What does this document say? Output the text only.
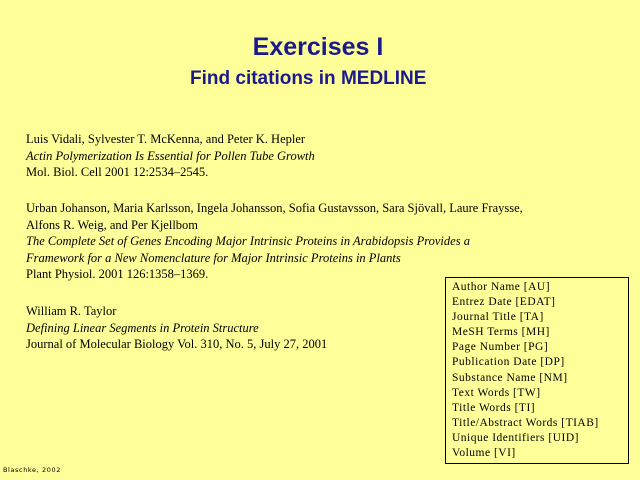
Exercises I
Find citations in MEDLINE
Luis Vidali, Sylvester T. McKenna, and Peter K. Hepler
Actin Polymerization Is Essential for Pollen Tube Growth
Mol. Biol. Cell 2001 12:2534–2545.
Urban Johanson, Maria Karlsson, Ingela Johansson, Sofia Gustavsson, Sara Sjövall, Laure Fraysse,
Alfons R. Weig, and Per Kjellbom
The Complete Set of Genes Encoding Major Intrinsic Proteins in Arabidopsis Provides a
Framework for a New Nomenclature for Major Intrinsic Proteins in Plants
Plant Physiol. 2001 126:1358–1369.
William R. Taylor
Defining Linear Segments in Protein Structure
Journal of Molecular Biology Vol. 310, No. 5, July 27, 2001
Author Name [AU]
Entrez Date [EDAT]
Journal Title [TA]
MeSH Terms [MH]
Page Number [PG]
Publication Date [DP]
Substance Name [NM]
Text Words [TW]
Title Words [TI]
Title/Abstract Words [TIAB]
Unique Identifiers [UID]
Volume [VI]
Blaschke, 2002
